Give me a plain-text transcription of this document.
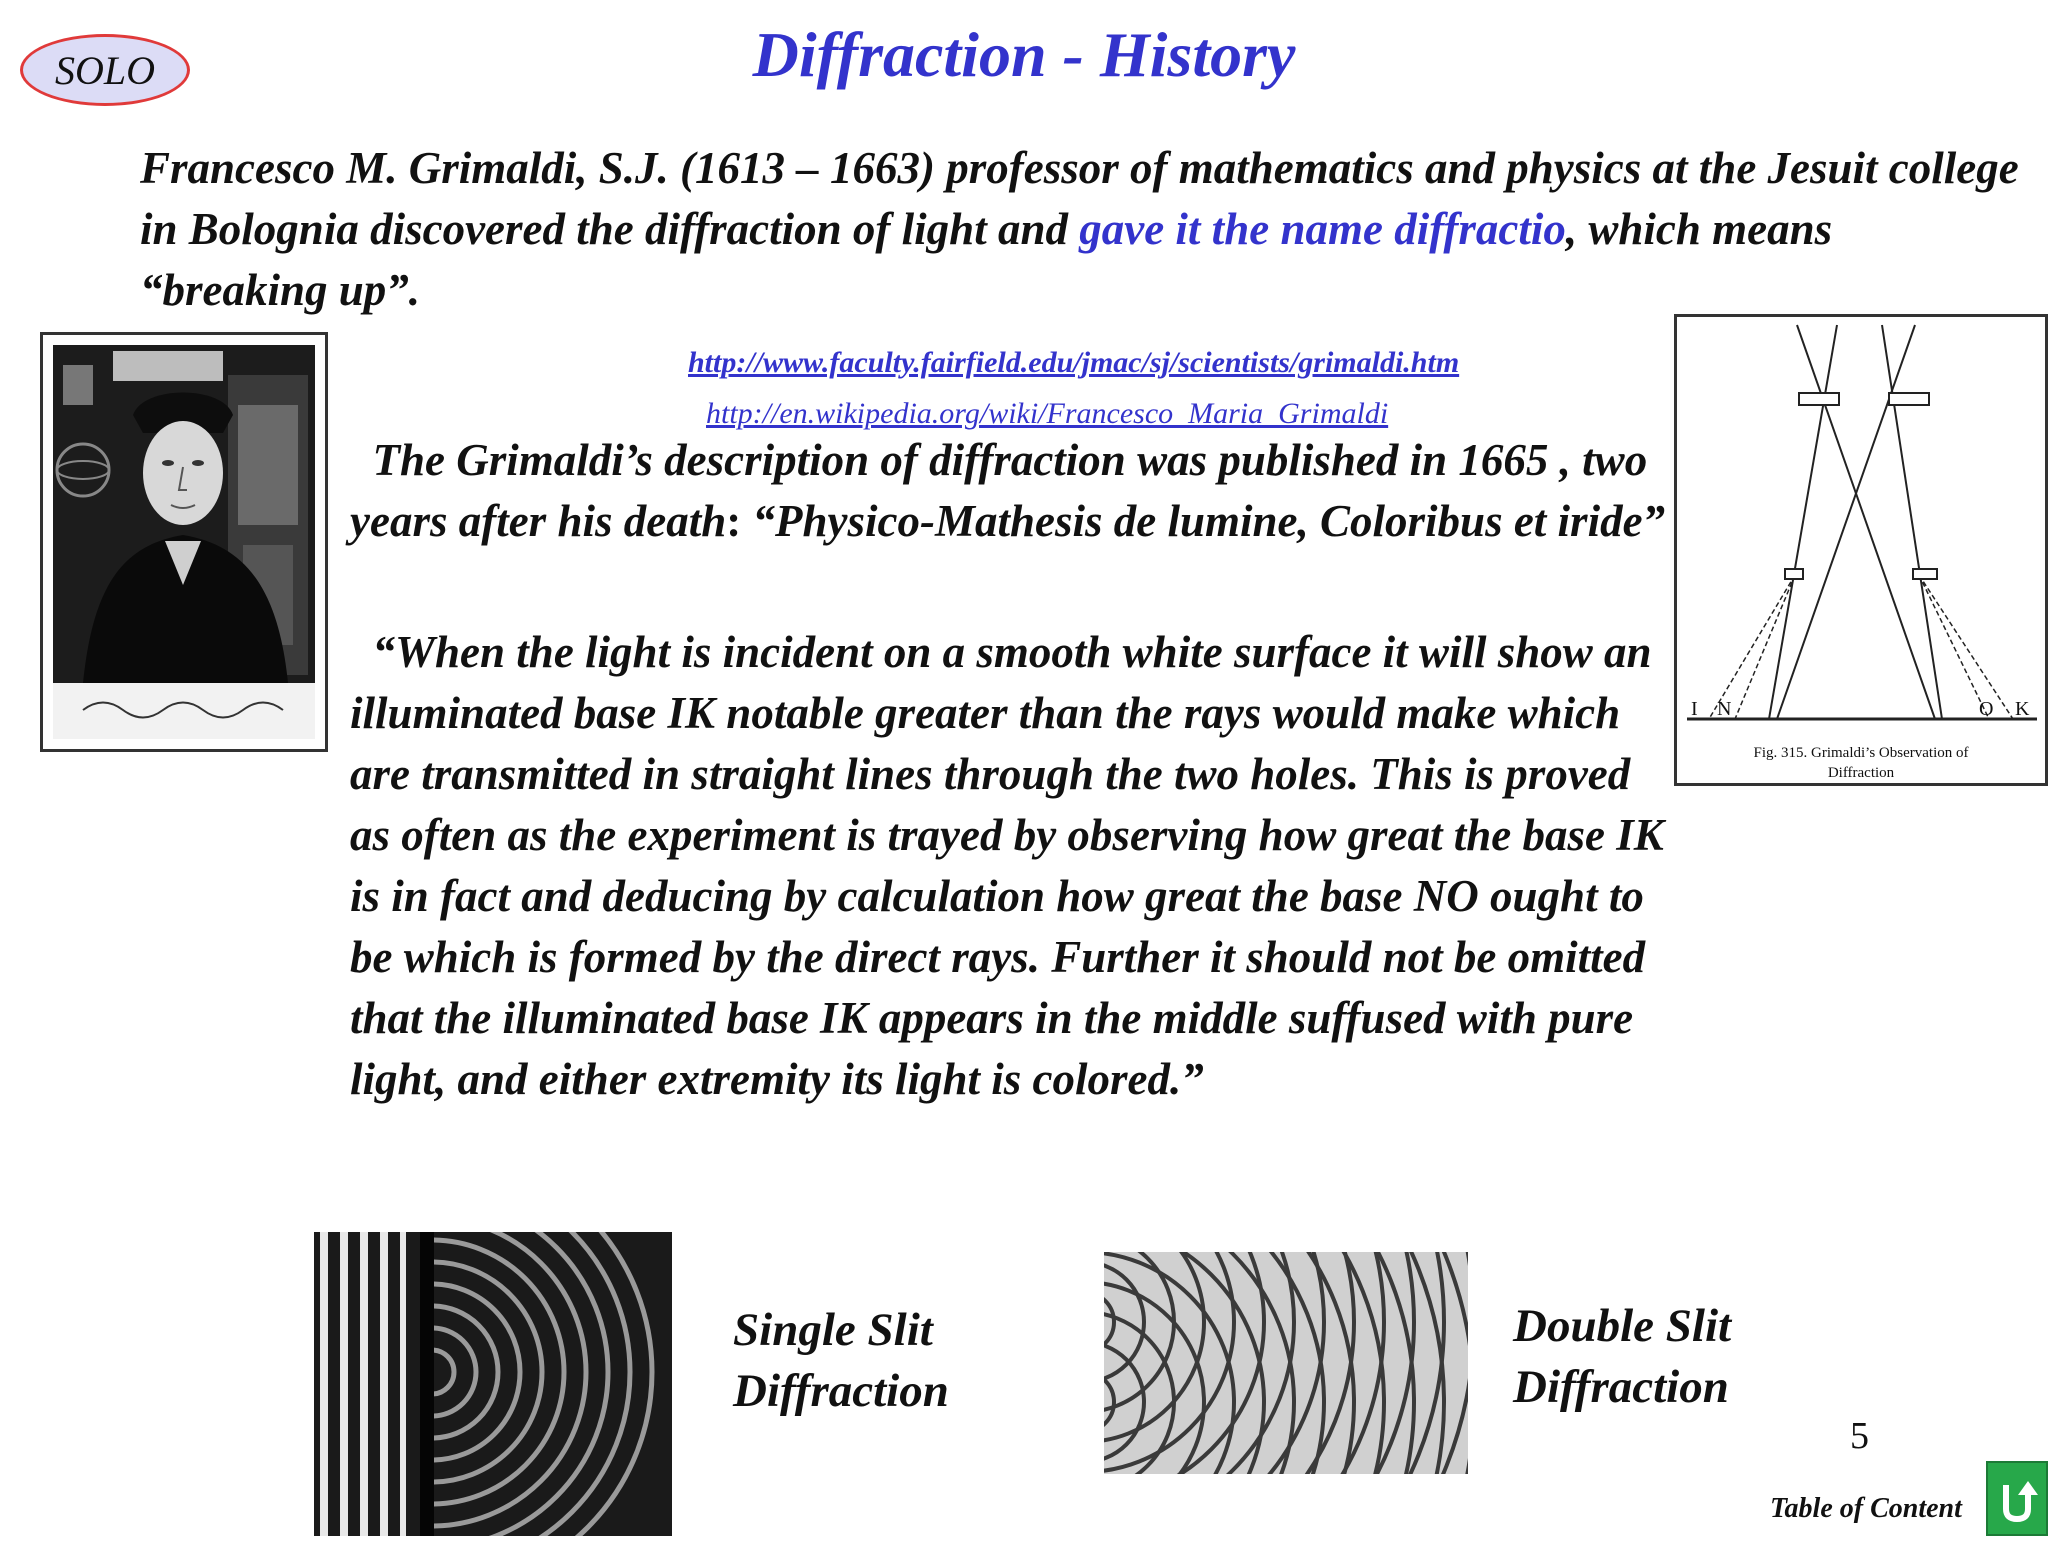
SOLO	Diffraction - History
Francesco M. Grimaldi, S.J. (1613 – 1663) professor of mathematics and physics at the Jesuit college in Bolognia discovered the diffraction of light and gave it the name diffractio, which means “breaking up”.
http://www.faculty.fairfield.edu/jmac/sj/scientists/grimaldi.htm
http://en.wikipedia.org/wiki/Francesco_Maria_Grimaldi
The Grimaldi’s description of diffraction was published in 1665 , two years after his death: “Physico-Mathesis de lumine, Coloribus et iride”
“When the light is incident on a smooth white surface it will show an illuminated base IK notable greater than the rays would make which are transmitted in straight lines through the two holes. This is proved as often as the experiment is trayed by observing how great the base IK is in fact and deducing by calculation how great the base NO ought to be which is formed by the direct rays. Further it should not be omitted that the illuminated base IK appears in the middle suffused with pure light, and either extremity its light is colored.”
I N	O K
Fig. 315. Grimaldi’s Observation of
Diffraction
Single Slit
Diffraction
Double Slit
Diffraction
5
Table of Content
